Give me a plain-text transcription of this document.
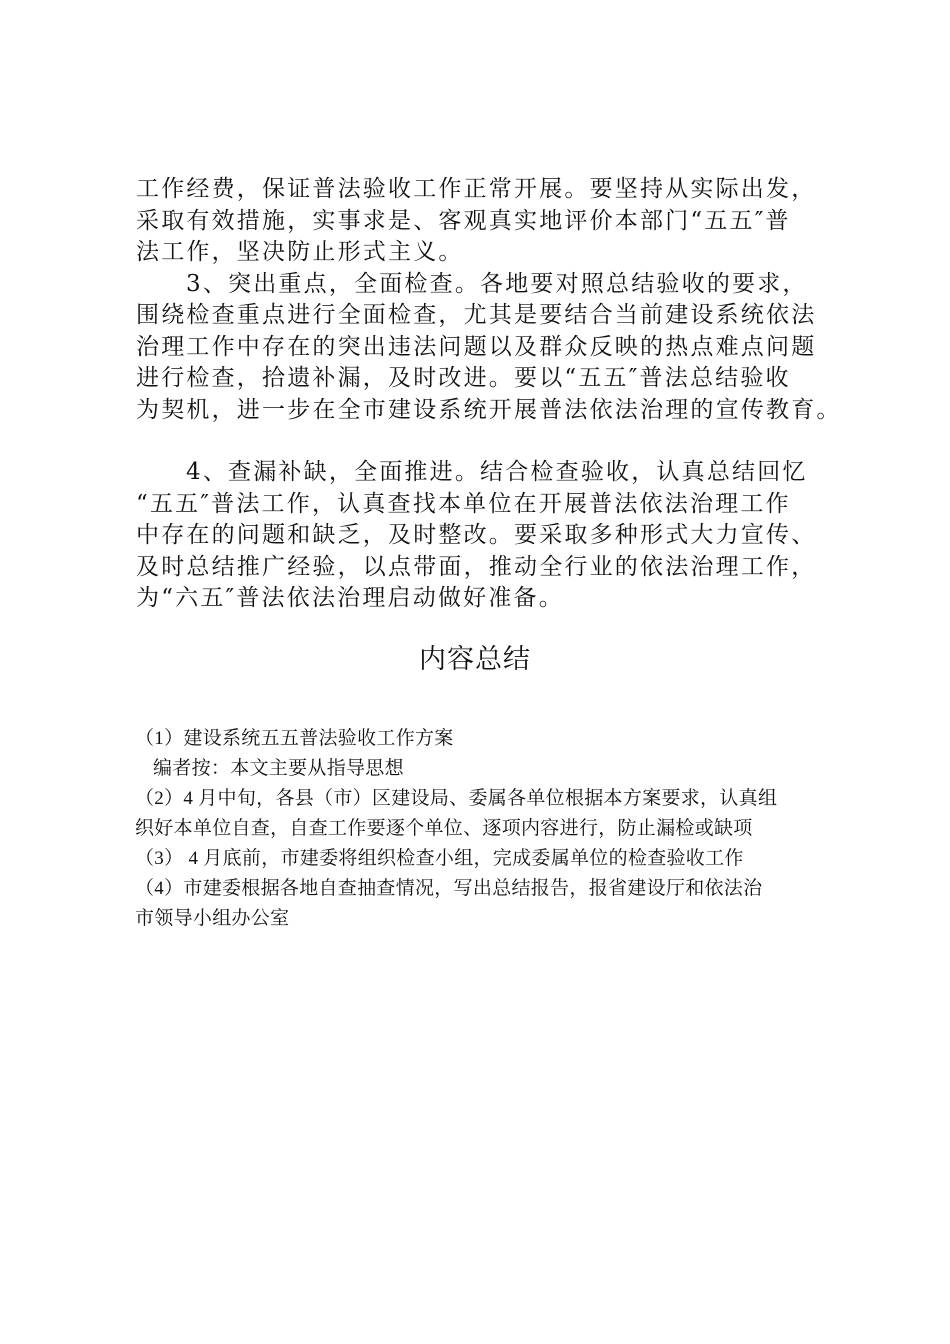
工作经费，保证普法验收工作正常开展。要坚持从实际出发，
采取有效措施，实事求是、客观真实地评价本部门“五五″普
法工作，坚决防止形式主义。
3、突出重点，全面检查。各地要对照总结验收的要求，
围绕检查重点进行全面检查，尤其是要结合当前建设系统依法
治理工作中存在的突出违法问题以及群众反映的热点难点问题
进行检查，拾遗补漏，及时改进。要以“五五″普法总结验收
为契机，进一步在全市建设系统开展普法依法治理的宣传教育。
4、查漏补缺，全面推进。结合检查验收，认真总结回忆
“五五″普法工作，认真查找本单位在开展普法依法治理工作
中存在的问题和缺乏，及时整改。要采取多种形式大力宣传、
及时总结推广经验，以点带面，推动全行业的依法治理工作，
为“六五″普法依法治理启动做好准备。
内容总结
（1）建设系统五五普法验收工作方案
编者按：本文主要从指导思想
（2）4 月中旬，各县（市）区建设局、委属各单位根据本方案要求，认真组
织好本单位自查，自查工作要逐个单位、逐项内容进行，防止漏检或缺项
（3） 4 月底前，市建委将组织检查小组，完成委属单位的检查验收工作
（4）市建委根据各地自查抽查情况，写出总结报告，报省建设厅和依法治
市领导小组办公室
